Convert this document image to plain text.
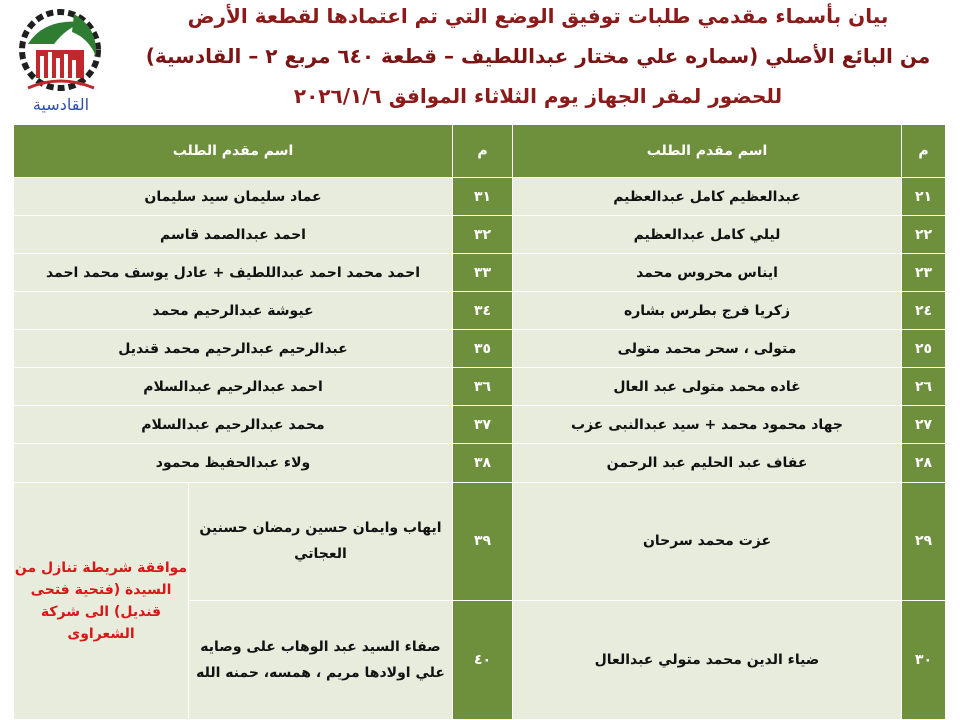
بيان بأسماء مقدمي طلبات توفيق الوضع التي تم اعتمادها لقطعة الأرض
من البائع الأصلي (سماره علي مختار عبداللطيف – قطعة ٦٤٠ مربع ٢ – القادسية)
للحضور لمقر الجهاز يوم الثلاثاء الموافق ٢٠٢٦/١/٦
القادسية
م	اسم مقدم الطلب	م	اسم مقدم الطلب	
٢١	عبدالعظيم كامل عبدالعظيم	٣١	عماد سليمان سيد سليمان	
٢٢	ليلي كامل عبدالعظيم	٣٢	احمد عبدالصمد قاسم	
٢٣	ايناس محروس محمد	٣٣	احمد محمد احمد عبداللطيف + عادل يوسف محمد احمد	
٢٤	زكريا فرج بطرس بشاره	٣٤	عيوشة عبدالرحيم محمد	
٢٥	متولى ، سحر محمد متولى	٣٥	عبدالرحيم عبدالرحيم محمد قنديل	
٢٦	غاده محمد متولى عبد العال	٣٦	احمد عبدالرحيم عبدالسلام	
٢٧	جهاد محمود محمد + سيد عبدالنبى عزب	٣٧	محمد عبدالرحيم عبدالسلام	
٢٨	عفاف عبد الحليم عبد الرحمن	٣٨	ولاء عبدالحفيظ محمود	
٢٩	عزت محمد سرحان	٣٩	ايهاب وايمان حسين رمضان حسنين العجاتي	موافقة شريطة تنازل من السيدة (فتحية فتحى قنديل) الى شركة الشعراوى
٣٠	ضياء الدين محمد متولي عبدالعال	٤٠	صفاء السيد عبد الوهاب على وصايه علي اولادها مريم ، همسه، حمنه الله	
